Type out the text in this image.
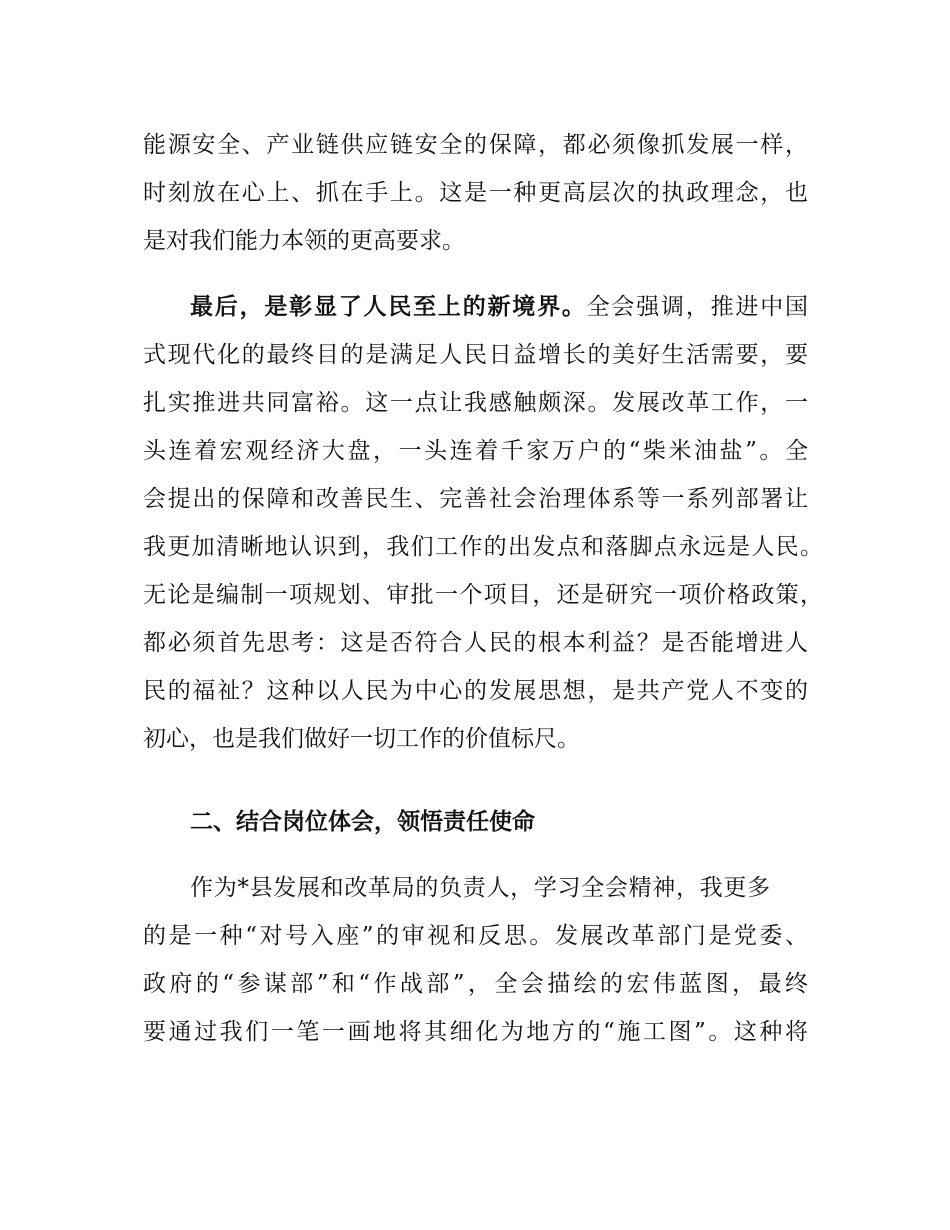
能源安全、产业链供应链安全的保障，都必须像抓发展一样，
时刻放在心上、抓在手上。这是一种更高层次的执政理念，也
是对我们能力本领的更高要求。
最后，是彰显了人民至上的新境界。全会强调，推进中国
式现代化的最终目的是满足人民日益增长的美好生活需要，要
扎实推进共同富裕。这一点让我感触颇深。发展改革工作，一
头连着宏观经济大盘，一头连着千家万户的“柴米油盐”。全
会提出的保障和改善民生、完善社会治理体系等一系列部署让
我更加清晰地认识到，我们工作的出发点和落脚点永远是人民。
无论是编制一项规划、审批一个项目，还是研究一项价格政策，
都必须首先思考：这是否符合人民的根本利益？是否能增进人
民的福祉？这种以人民为中心的发展思想，是共产党人不变的
初心，也是我们做好一切工作的价值标尺。
二、结合岗位体会，领悟责任使命
作为*县发展和改革局的负责人，学习全会精神，我更多
的是一种“对号入座”的审视和反思。发展改革部门是党委、
政府的“参谋部”和“作战部”，全会描绘的宏伟蓝图，最终
要通过我们一笔一画地将其细化为地方的“施工图”。这种将
